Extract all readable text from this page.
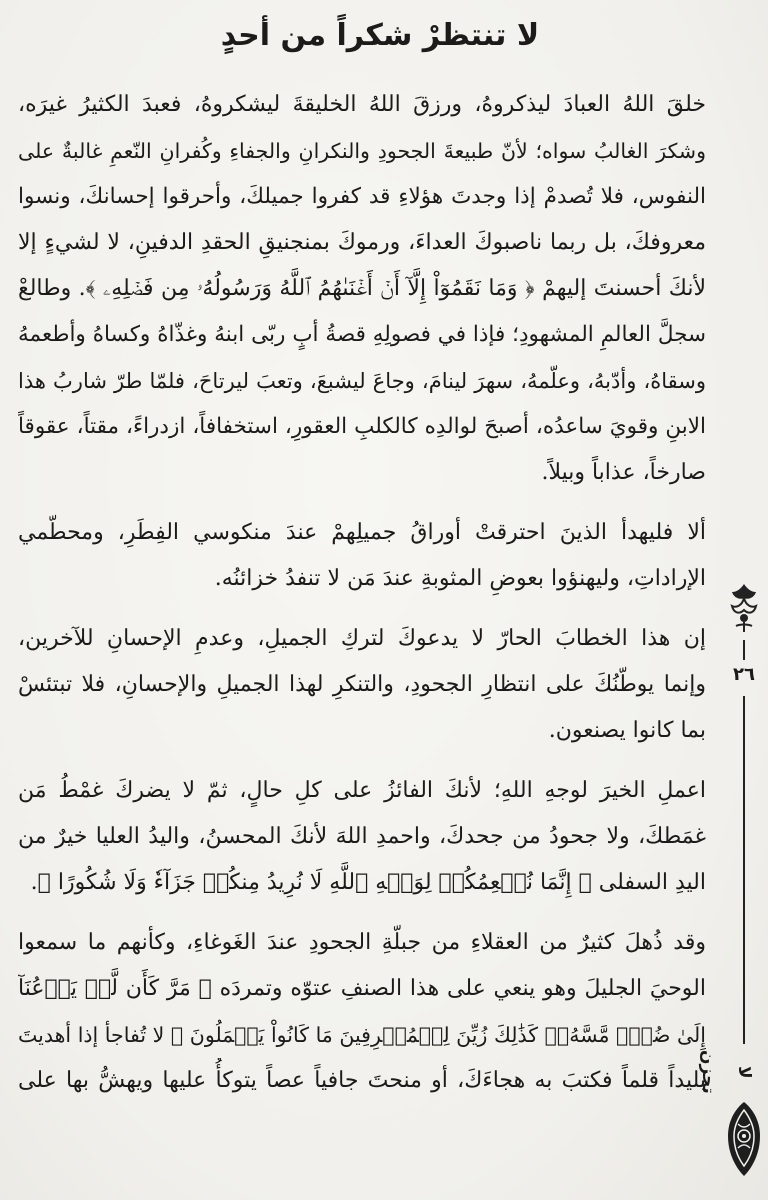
لا تنتظرْ شكراً من أحدٍ
خلقَ اللهُ العبادَ ليذكروهُ، ورزقَ اللهُ الخليقةَ ليشكروهُ، فعبدَ الكثيرُ غيرَه،
وشكرَ الغالبُ سواه؛ لأنّ طبيعةَ الجحودِ والنكرانِ والجفاءِ وكُفرانِ النّعمِ غالبةٌ على
النفوس، فلا تُصدمْ إذا وجدتَ هؤلاءِ قد كفروا جميلكَ، وأحرقوا إحسانكَ، ونسوا
معروفكَ، بل ربما ناصبوكَ العداءَ، ورموكَ بمنجنيقِ الحقدِ الدفينِ، لا لشيءٍ إلا
لأنكَ أحسنتَ إليهمْ ﴿ وَمَا نَقَمُوٓاْ إِلَّآ أَنۡ أَغۡنَىٰهُمُ ٱللَّهُ وَرَسُولُهُۥ مِن فَضۡلِهِۦ ﴾. وطالعْ
سجلَّ العالمِ المشهودِ؛ فإذا في فصولِهِ قصةُ أبٍ ربّى ابنهُ وغذّاهُ وكساهُ وأطعمهُ
وسقاهُ، وأدّبهُ، وعلّمهُ، سهرَ لينامَ، وجاعَ ليشبعَ، وتعبَ ليرتاحَ، فلمّا طرّ شاربُ هذا
الابنِ وقويَ ساعدُه، أصبحَ لوالدِه كالكلبِ العقورِ، استخفافاً، ازدراءً، مقتاً، عقوقاً
صارخاً، عذاباً وبيلاً.
ألا فليهدأ الذينَ احترقتْ أوراقُ جميلِهمْ عندَ منكوسي الفِطَرِ، ومحطّمي
الإراداتِ، وليهنؤوا بعوضِ المثوبةِ عندَ مَن لا تنفدُ خزائنُه.
إن هذا الخطابَ الحارّ لا يدعوكَ لتركِ الجميلِ، وعدمِ الإحسانِ للآخرين،
وإنما يوطّنُكَ على انتظارِ الجحودِ، والتنكرِ لهذا الجميلِ والإحسانِ، فلا تبتئسْ
بما كانوا يصنعون.
اعملِ الخيرَ لوجهِ اللهِ؛ لأنكَ الفائزُ على كلِ حالٍ، ثمّ لا يضركَ غمْطُ مَن
غمَطكَ، ولا جحودُ من جحدكَ، واحمدِ اللهَ لأنكَ المحسنُ، واليدُ العليا خيرٌ من
اليدِ السفلى ﴿ إِنَّمَا نُطۡعِمُكُمۡ لِوَجۡهِ ٱللَّهِ لَا نُرِيدُ مِنكُمۡ جَزَآءٗ وَلَا شُكُورًا ﴾.
وقد ذُهلَ كثيرٌ من العقلاءِ من جبلّةِ الجحودِ عندَ الغَوغاءِ، وكأنهم ما سمعوا
الوحيَ الجليلَ وهو ينعي على هذا الصنفِ عتوّه وتمردَه ﴿ مَرَّ كَأَن لَّمۡ يَدۡعُنَآ
إِلَىٰ ضُرّٖ مَّسَّهُۥۚ كَذَٰلِكَ زُيِّنَ لِلۡمُسۡرِفِينَ مَا كَانُواْ يَعۡمَلُونَ ﴾ لا تُفاجأ إذا أهديتَ
بليداً قلماً فكتبَ به هجاءَكَ، أو منحتَ جافياً عصاً يتوكأُ عليها ويهشُّ بها على
٢٦
لا تحزن
